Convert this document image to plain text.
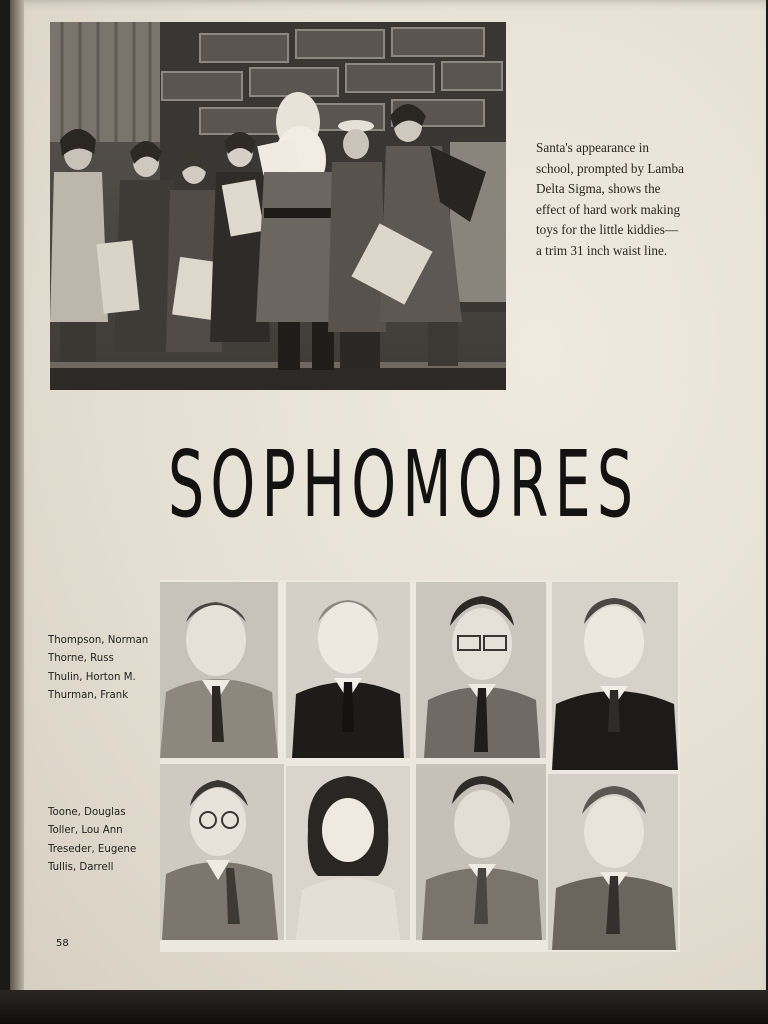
Santa's appearance in
school, prompted by Lamba
Delta Sigma, shows the
effect of hard work making
toys for the little kiddies—
a trim 31 inch waist line.
SOPHOMORES
Thompson, Norman
Thorne, Russ
Thulin, Horton M.
Thurman, Frank
Toone, Douglas
Toller, Lou Ann
Treseder, Eugene
Tullis, Darrell
58
